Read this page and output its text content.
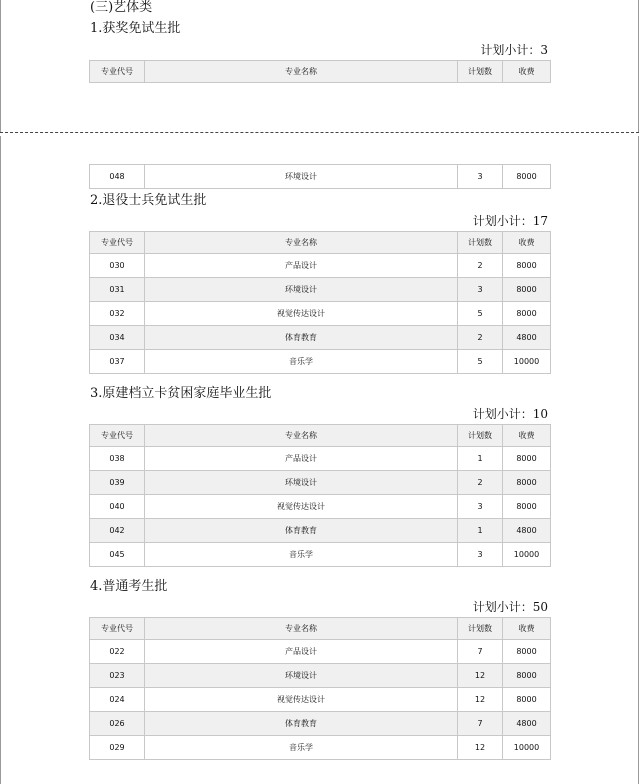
(三)艺体类
1.获奖免试生批
计划小计：3
专业代号	专业名称	计划数	收费
048	环境设计	3	8000
2.退役士兵免试生批
计划小计：17
专业代号	专业名称	计划数	收费
030	产品设计	2	8000
031	环境设计	3	8000
032	视觉传达设计	5	8000
034	体育教育	2	4800
037	音乐学	5	10000
3.原建档立卡贫困家庭毕业生批
计划小计：10
专业代号	专业名称	计划数	收费
038	产品设计	1	8000
039	环境设计	2	8000
040	视觉传达设计	3	8000
042	体育教育	1	4800
045	音乐学	3	10000
4.普通考生批
计划小计：50
专业代号	专业名称	计划数	收费
022	产品设计	7	8000
023	环境设计	12	8000
024	视觉传达设计	12	8000
026	体育教育	7	4800
029	音乐学	12	10000
